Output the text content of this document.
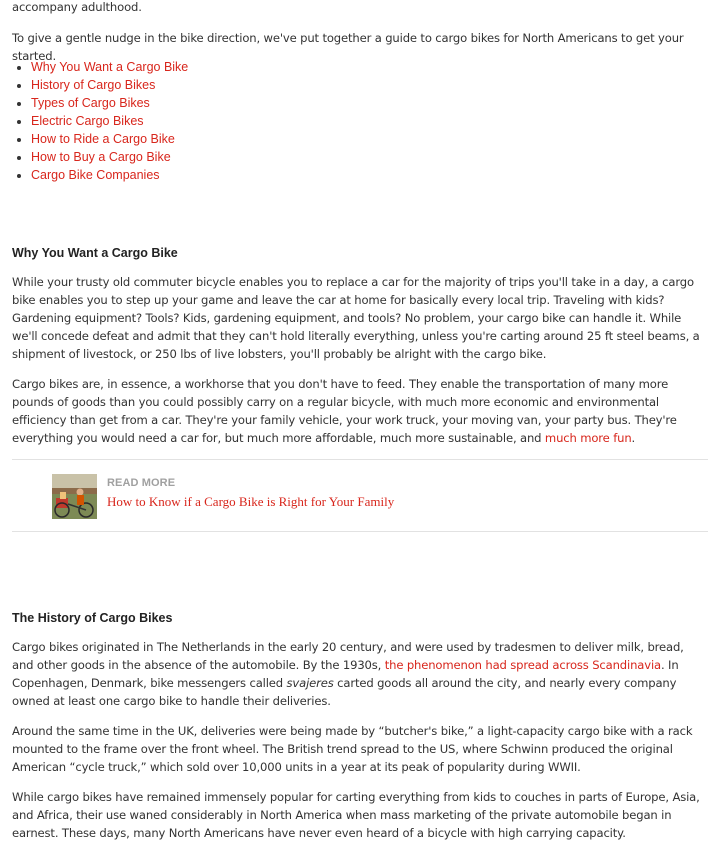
accompany adulthood.

To give a gentle nudge in the bike direction, we've put together a guide to cargo bikes for North Americans to get your started.

• Why You Want a Cargo Bike
• History of Cargo Bikes
• Types of Cargo Bikes
• Electric Cargo Bikes
• How to Ride a Cargo Bike
• How to Buy a Cargo Bike
• Cargo Bike Companies
Why You Want a Cargo Bike

While your trusty old commuter bicycle enables you to replace a car for the majority of trips you'll take in a day, a cargo bike enables you to step up your game and leave the car at home for basically every local trip. Traveling with kids? Gardening equipment? Tools? Kids, gardening equipment, and tools? No problem, your cargo bike can handle it. While we'll concede defeat and admit that they can't hold literally everything, unless you're carting around 25 ft steel beams, a shipment of livestock, or 250 lbs of live lobsters, you'll probably be alright with the cargo bike.

Cargo bikes are, in essence, a workhorse that you don't have to feed. They enable the transportation of many more pounds of goods than you could possibly carry on a regular bicycle, with much more economic and environmental efficiency than get from a car. They're your family vehicle, your work truck, your moving van, your party bus. They're everything you would need a car for, but much more affordable, much more sustainable, and much more fun.

READ MORE
How to Know if a Cargo Bike is Right for Your Family
The History of Cargo Bikes

Cargo bikes originated in The Netherlands in the early 20 century, and were used by tradesmen to deliver milk, bread, and other goods in the absence of the automobile. By the 1930s, the phenomenon had spread across Scandinavia. In Copenhagen, Denmark, bike messengers called svajeres carted goods all around the city, and nearly every company owned at least one cargo bike to handle their deliveries.

Around the same time in the UK, deliveries were being made by “butcher's bike,” a light-capacity cargo bike with a rack mounted to the frame over the front wheel. The British trend spread to the US, where Schwinn produced the original American “cycle truck,” which sold over 10,000 units in a year at its peak of popularity during WWII.

While cargo bikes have remained immensely popular for carting everything from kids to couches in parts of Europe, Asia, and Africa, their use waned considerably in North America when mass marketing of the private automobile began in earnest. These days, many North Americans have never even heard of a bicycle with high carrying capacity.
